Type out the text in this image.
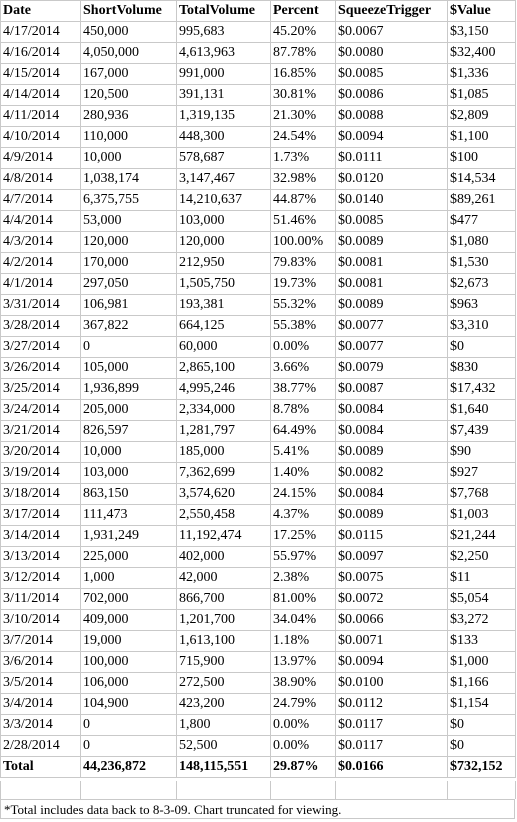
Date	ShortVolume	TotalVolume	Percent	SqueezeTrigger	$Value
4/17/2014	450,000	995,683	45.20%	$0.0067	$3,150
4/16/2014	4,050,000	4,613,963	87.78%	$0.0080	$32,400
4/15/2014	167,000	991,000	16.85%	$0.0085	$1,336
4/14/2014	120,500	391,131	30.81%	$0.0086	$1,085
4/11/2014	280,936	1,319,135	21.30%	$0.0088	$2,809
4/10/2014	110,000	448,300	24.54%	$0.0094	$1,100
4/9/2014	10,000	578,687	1.73%	$0.0111	$100
4/8/2014	1,038,174	3,147,467	32.98%	$0.0120	$14,534
4/7/2014	6,375,755	14,210,637	44.87%	$0.0140	$89,261
4/4/2014	53,000	103,000	51.46%	$0.0085	$477
4/3/2014	120,000	120,000	100.00%	$0.0089	$1,080
4/2/2014	170,000	212,950	79.83%	$0.0081	$1,530
4/1/2014	297,050	1,505,750	19.73%	$0.0081	$2,673
3/31/2014	106,981	193,381	55.32%	$0.0089	$963
3/28/2014	367,822	664,125	55.38%	$0.0077	$3,310
3/27/2014	0	60,000	0.00%	$0.0077	$0
3/26/2014	105,000	2,865,100	3.66%	$0.0079	$830
3/25/2014	1,936,899	4,995,246	38.77%	$0.0087	$17,432
3/24/2014	205,000	2,334,000	8.78%	$0.0084	$1,640
3/21/2014	826,597	1,281,797	64.49%	$0.0084	$7,439
3/20/2014	10,000	185,000	5.41%	$0.0089	$90
3/19/2014	103,000	7,362,699	1.40%	$0.0082	$927
3/18/2014	863,150	3,574,620	24.15%	$0.0084	$7,768
3/17/2014	111,473	2,550,458	4.37%	$0.0089	$1,003
3/14/2014	1,931,249	11,192,474	17.25%	$0.0115	$21,244
3/13/2014	225,000	402,000	55.97%	$0.0097	$2,250
3/12/2014	1,000	42,000	2.38%	$0.0075	$11
3/11/2014	702,000	866,700	81.00%	$0.0072	$5,054
3/10/2014	409,000	1,201,700	34.04%	$0.0066	$3,272
3/7/2014	19,000	1,613,100	1.18%	$0.0071	$133
3/6/2014	100,000	715,900	13.97%	$0.0094	$1,000
3/5/2014	106,000	272,500	38.90%	$0.0100	$1,166
3/4/2014	104,900	423,200	24.79%	$0.0112	$1,154
3/3/2014	0	1,800	0.00%	$0.0117	$0
2/28/2014	0	52,500	0.00%	$0.0117	$0
Total	44,236,872	148,115,551	29.87%	$0.0166	$732,152
*Total includes data back to 8-3-09. Chart truncated for viewing.
